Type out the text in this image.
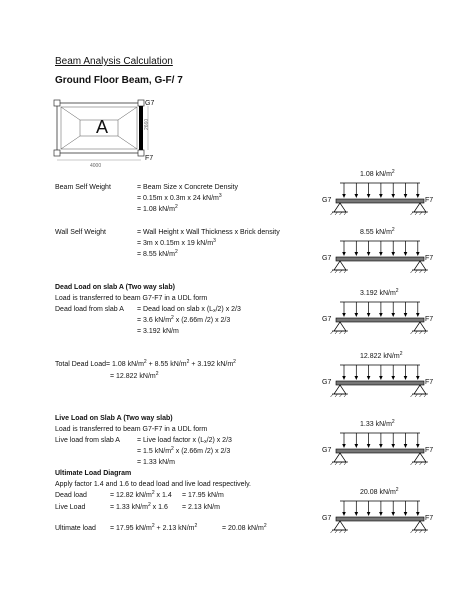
Beam Analysis Calculation
Ground Floor Beam, G-F/ 7
A
G7
F7
4000
2660
Beam Self Weight	= Beam Size x Concrete Density
= 0.15m x 0.3m x 24 $kN/m^3$
= 1.08 $kN/m^2$
Wall Self Weight	= Wall Height x Wall Thickness x Brick density
= 3m x 0.15m x 19 $kN/m^3$
= 8.55 $kN/m^2$
Dead Load on slab A (Two way slab)
Load is transferred to beam G7-F7 in a UDL form
Dead load from slab A = Dead load on slab x $(L_x/2)$ x 2/3
= 3.6 $kN/m^2$ x (2.66m /2) x 2/3
= 3.192 kN/m
Total Dead Load= 1.08 $kN/m^2 + 8.55$ $kN/m^2 + 3.192$ $kN/m^2$
= 12.822 $kN/m^2$
Live Load on Slab A (Two way slab)
Load is transferred to beam G7-F7 in a UDL form
Live load from slab A = Live load factor x $(L_x/2)$ x 2/3
= 1.5 $kN/m^2$ x (2.66m /2) x 2/3
= 1.33 kN/m
Ultimate Load Diagram
Apply factor 1.4 and 1.6 to dead load and live load respectively.
Dead load	= 12.82 $kN/m^2$ x 1.4 = 17.95 kN/m
Live Load	= 1.33 $kN/m^2$ x 1.6 = 2.13 kN/m
Ultimate load = 17.95 $kN/m^2 + 2.13$ $kN/m^2$	= 20.08 $kN/m^2$
1.08 $kN/m^2$
G7	F7
8.55 $kN/m^2$
G7	F7
3.192 $kN/m^2$
G7	F7
12.822 $kN/m^2$
G7	F7
1.33 $kN/m^2$
G7	F7
20.08 $kN/m^2$
G7	F7
